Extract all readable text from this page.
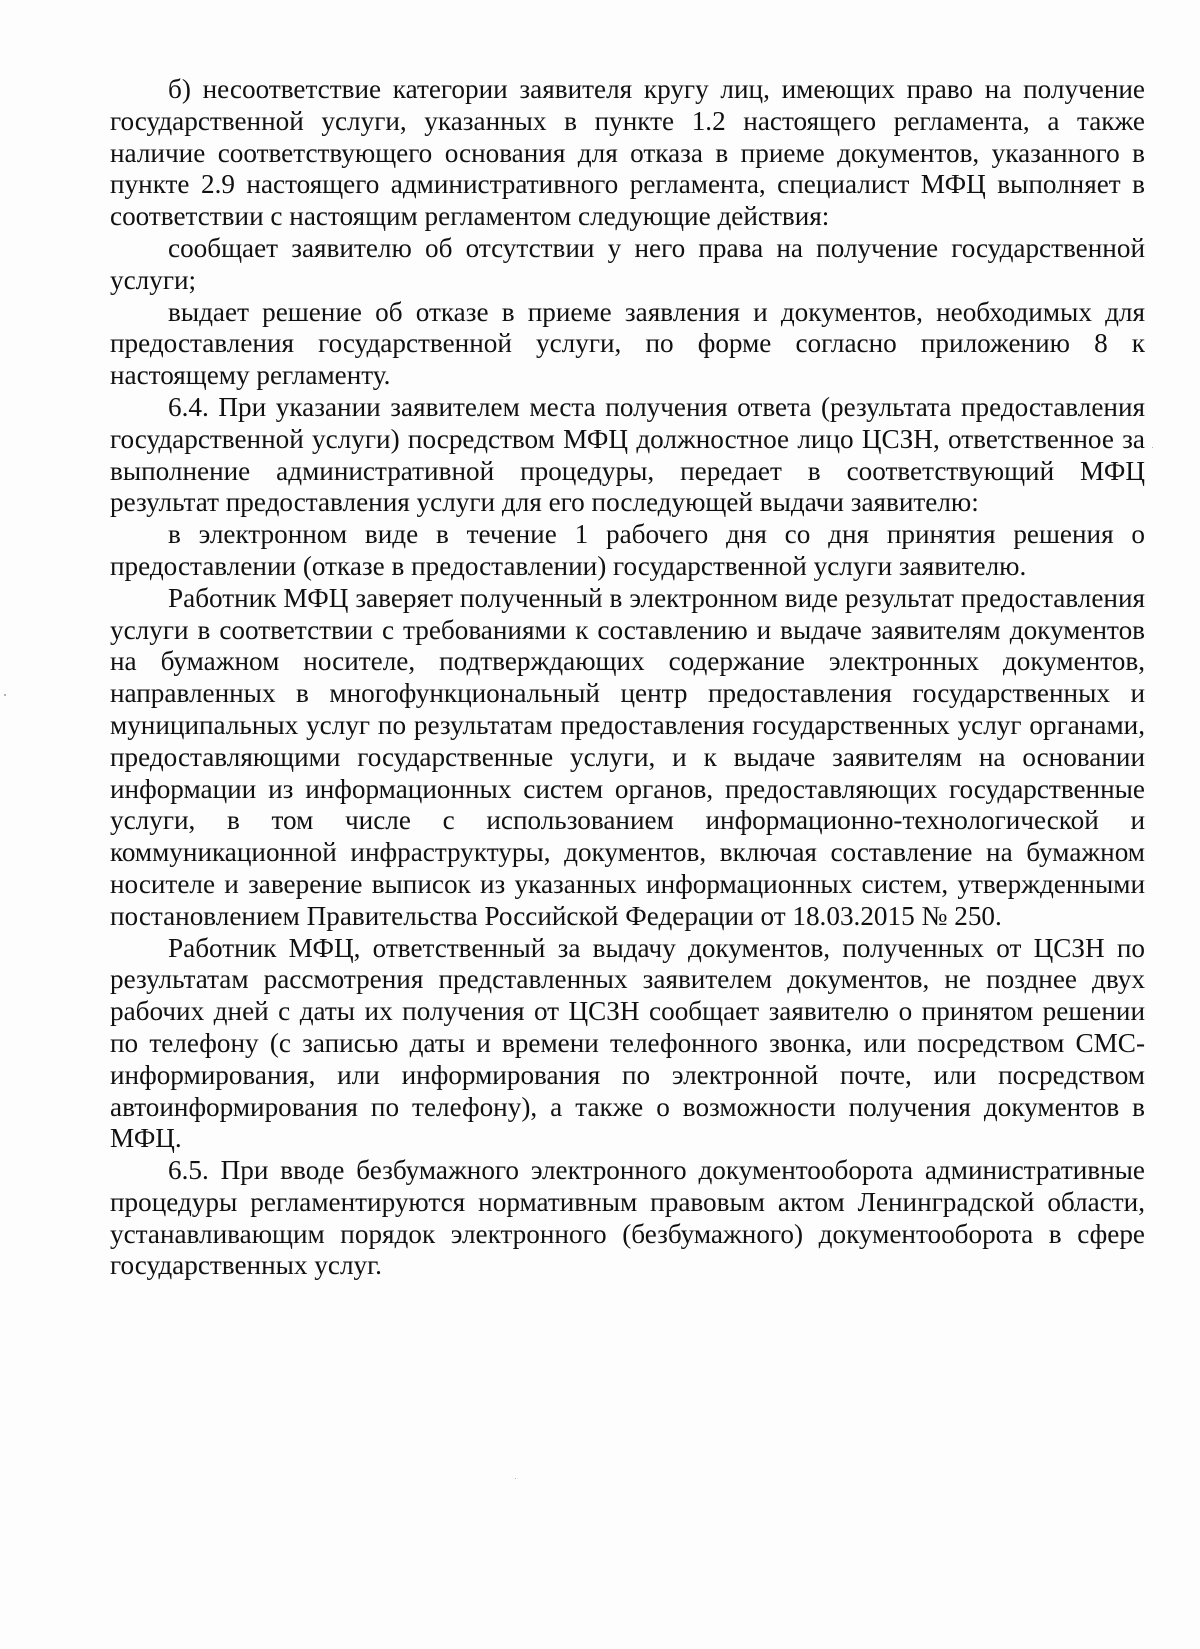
б) несоответствие категории заявителя кругу лиц, имеющих право на получение государственной услуги, указанных в пункте 1.2 настоящего регламента, а также наличие соответствующего основания для отказа в приеме документов, указанного в пункте 2.9 настоящего административного регламента, специалист МФЦ выполняет в соответствии с настоящим регламентом следующие действия:

сообщает заявителю об отсутствии у него права на получение государственной услуги;

выдает решение об отказе в приеме заявления и документов, необходимых для предоставления государственной услуги, по форме согласно приложению 8 к настоящему регламенту.

6.4. При указании заявителем места получения ответа (результата предоставления государственной услуги) посредством МФЦ должностное лицо ЦСЗН, ответственное за выполнение административной процедуры, передает в соответствующий МФЦ результат предоставления услуги для его последующей выдачи заявителю:

в электронном виде в течение 1 рабочего дня со дня принятия решения о предоставлении (отказе в предоставлении) государственной услуги заявителю.

Работник МФЦ заверяет полученный в электронном виде результат предоставления услуги в соответствии с требованиями к составлению и выдаче заявителям документов на бумажном носителе, подтверждающих содержание электронных документов, направленных в многофункциональный центр предоставления государственных и муниципальных услуг по результатам предоставления государственных услуг органами, предоставляющими государственные услуги, и к выдаче заявителям на основании информации из информационных систем органов, предоставляющих государственные услуги, в том числе с использованием информационно-технологической и коммуникационной инфраструктуры, документов, включая составление на бумажном носителе и заверение выписок из указанных информационных систем, утвержденными постановлением Правительства Российской Федерации от 18.03.2015 № 250.

Работник МФЦ, ответственный за выдачу документов, полученных от ЦСЗН по результатам рассмотрения представленных заявителем документов, не позднее двух рабочих дней с даты их получения от ЦСЗН сообщает заявителю о принятом решении по телефону (с записью даты и времени телефонного звонка, или посредством СМС-информирования, или информирования по электронной почте, или посредством автоинформирования по телефону), а также о возможности получения документов в МФЦ.

6.5. При вводе безбумажного электронного документооборота административные процедуры регламентируются нормативным правовым актом Ленинградской области, устанавливающим порядок электронного (безбумажного) документооборота в сфере государственных услуг.
